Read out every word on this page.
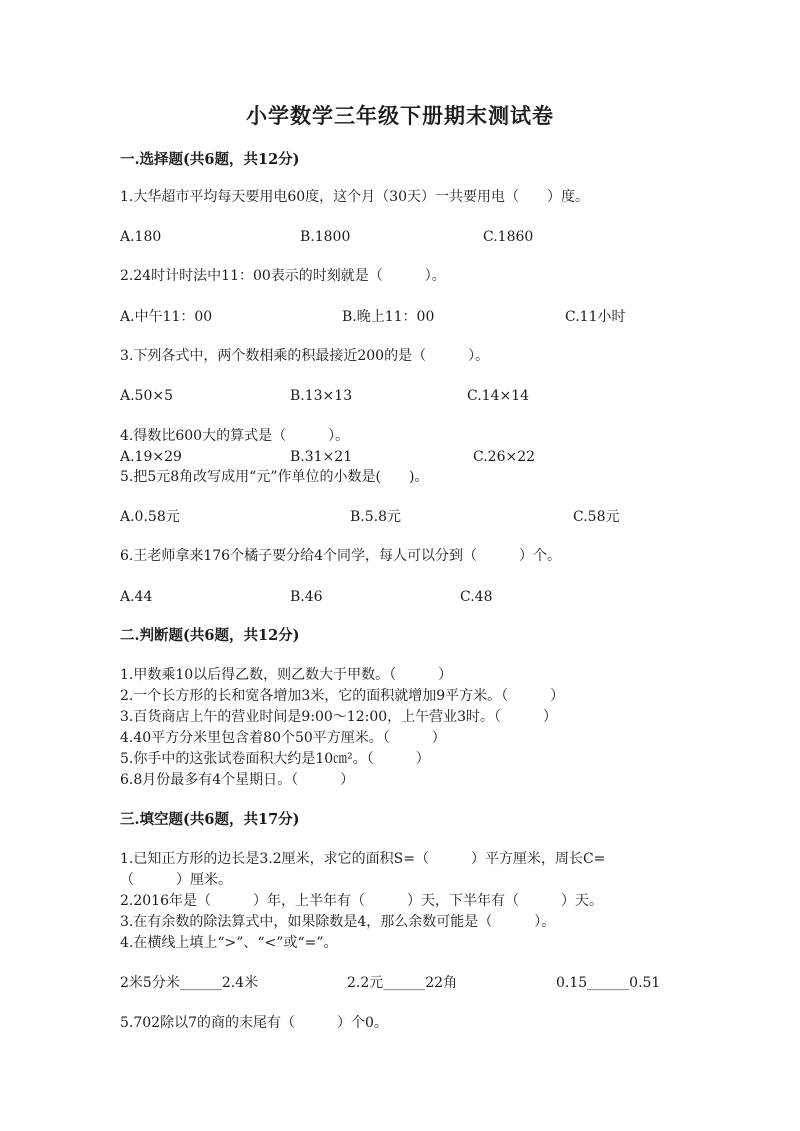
小学数学三年级下册期末测试卷
一.选择题(共6题，共12分)
1.大华超市平均每天要用电60度，这个月（30天）一共要用电（　　）度。
A.180	B.1800	C.1860
2.24时计时法中11：00表示的时刻就是（　　　）。
A.中午11：00	B.晚上11：00	C.11小时
3.下列各式中，两个数相乘的积最接近200的是（　　　）。
A.50×5	B.13×13	C.14×14
4.得数比600大的算式是（　　　）。
A.19×29	B.31×21	C.26×22
5.把5元8角改写成用“元”作单位的小数是(　　)。
A.0.58元	B.5.8元	C.58元
6.王老师拿来176个橘子要分给4个同学，每人可以分到（　　　）个。
A.44	B.46	C.48
二.判断题(共6题，共12分)
1.甲数乘10以后得乙数，则乙数大于甲数。（　　　）
2.一个长方形的长和宽各增加3米，它的面积就增加9平方米。（　　　）
3.百货商店上午的营业时间是9:00～12:00，上午营业3时。（　　　）
4.40平方分米里包含着80个50平方厘米。（　　　）
5.你手中的这张试卷面积大约是10㎝²。（　　　）
6.8月份最多有4个星期日。（　　　）
三.填空题(共6题，共17分)
1.已知正方形的边长是3.2厘米，求它的面积S=（　　　）平方厘米，周长C=
（　　　）厘米。
2.2016年是（　　　）年，上半年有（　　　）天，下半年有（　　　）天。
3.在有余数的除法算式中，如果除数是4，那么余数可能是（　　　）。
4.在横线上填上“>”、“<”或“=”。
2米5分米______2.4米	2.2元______22角	0.15______0.51
5.702除以7的商的末尾有（　　　）个0。
